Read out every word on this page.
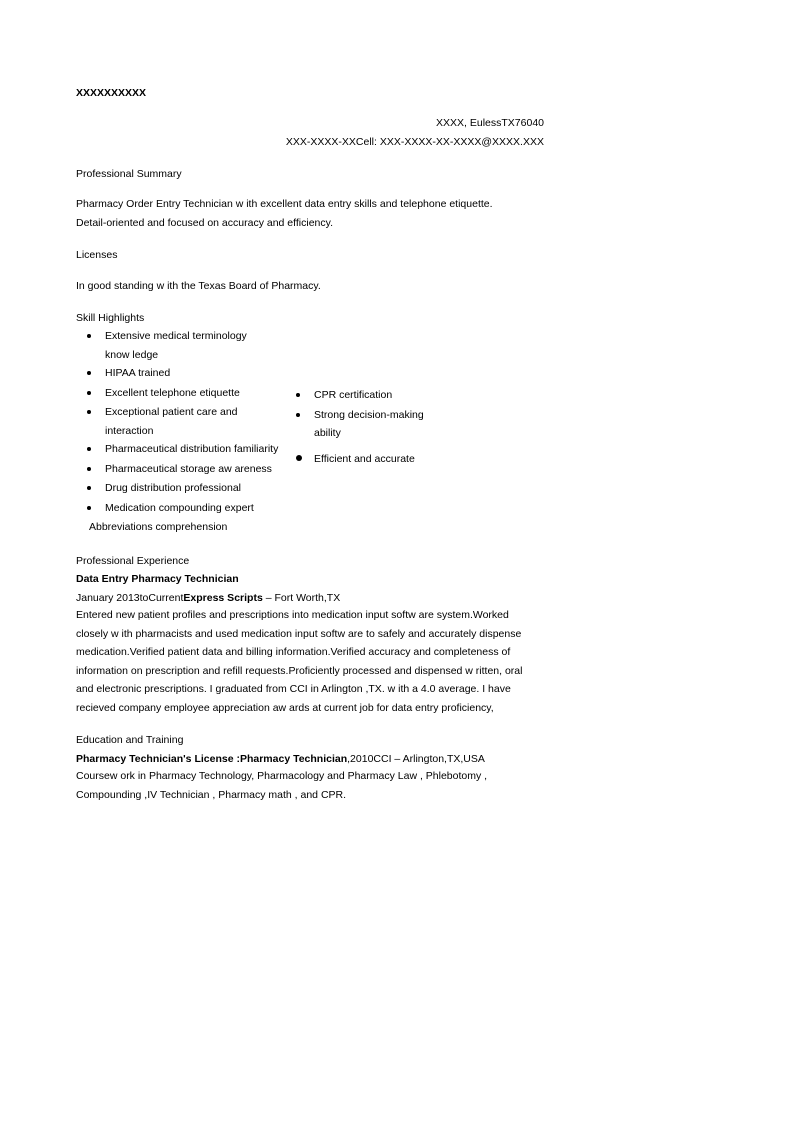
XXXXXXXXXX
XXXX, EulessTX76040
XXX-XXXX-XXCell: XXX-XXXX-XX-XXXX@XXXX.XXX
Professional Summary
Pharmacy Order Entry Technician w ith excellent data entry skills and telephone etiquette.
Detail-oriented and focused on accuracy and efficiency.
Licenses
In good standing w ith the Texas Board of Pharmacy.
Skill Highlights
Extensive medical terminology
know ledge
HIPAA trained
Excellent telephone etiquette
Exceptional patient care and
interaction
Pharmaceutical distribution familiarity
Pharmaceutical storage aw areness
Drug distribution professional
Medication compounding expert
Abbreviations comprehension
CPR certification
Strong decision-making
ability
Efficient and accurate
Professional Experience
Data Entry Pharmacy Technician
January 2013toCurrentExpress Scripts – Fort Worth,TX
Entered new patient profiles and prescriptions into medication input softw are system.Worked
closely w ith pharmacists and used medication input softw are to safely and accurately dispense
medication.Verified patient data and billing information.Verified accuracy and completeness of
information on prescription and refill requests.Proficiently processed and dispensed w ritten, oral
and electronic prescriptions. I graduated from CCI in Arlington ,TX. w ith a 4.0 average. I have
recieved company employee appreciation aw ards at current job for data entry proficiency,
Education and Training
Pharmacy Technician's License :Pharmacy Technician,2010CCI – Arlington,TX,USA
Coursew ork in Pharmacy Technology, Pharmacology and Pharmacy Law , Phlebotomy ,
Compounding ,IV Technician , Pharmacy math , and CPR.
